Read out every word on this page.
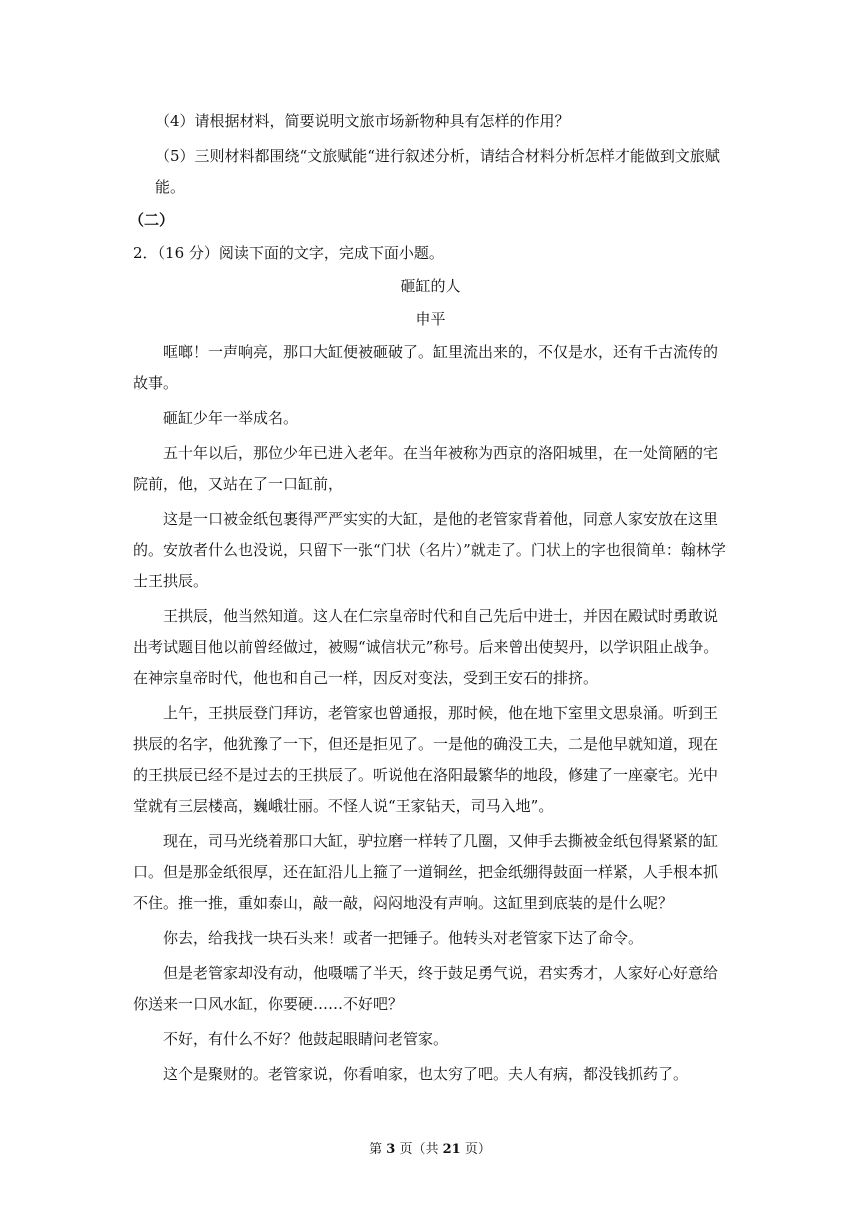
（4）请根据材料，简要说明文旅市场新物种具有怎样的作用？

（5）三则材料都围绕“文旅赋能“进行叙述分析，请结合材料分析怎样才能做到文旅赋能。

（二）

2．（16 分）阅读下面的文字，完成下面小题。

砸缸的人

申平

哐啷！一声响亮，那口大缸便被砸破了。缸里流出来的，不仅是水，还有千古流传的故事。

砸缸少年一举成名。

五十年以后，那位少年已进入老年。在当年被称为西京的洛阳城里，在一处简陋的宅院前，他，又站在了一口缸前，

这是一口被金纸包裹得严严实实的大缸，是他的老管家背着他，同意人家安放在这里的。安放者什么也没说，只留下一张“门状（名片）”就走了。门状上的字也很简单：翰林学士王拱辰。

王拱辰，他当然知道。这人在仁宗皇帝时代和自己先后中进士，并因在殿试时勇敢说出考试题目他以前曾经做过，被赐“诚信状元”称号。后来曾出使契丹，以学识阻止战争。在神宗皇帝时代，他也和自己一样，因反对变法，受到王安石的排挤。

上午，王拱辰登门拜访，老管家也曾通报，那时候，他在地下室里文思泉涌。听到王拱辰的名字，他犹豫了一下，但还是拒见了。一是他的确没工夫，二是他早就知道，现在的王拱辰已经不是过去的王拱辰了。听说他在洛阳最繁华的地段，修建了一座豪宅。光中堂就有三层楼高，巍峨壮丽。不怪人说“王家钻天，司马入地”。

现在，司马光绕着那口大缸，驴拉磨一样转了几圈，又伸手去撕被金纸包得紧紧的缸口。但是那金纸很厚，还在缸沿儿上箍了一道铜丝，把金纸绷得鼓面一样紧，人手根本抓不住。推一推，重如泰山，敲一敲，闷闷地没有声响。这缸里到底装的是什么呢？

你去，给我找一块石头来！或者一把锤子。他转头对老管家下达了命令。

但是老管家却没有动，他嗫嚅了半天，终于鼓足勇气说，君实秀才，人家好心好意给你送来一口风水缸，你要硬……不好吧？

不好，有什么不好？他鼓起眼睛问老管家。

这个是聚财的。老管家说，你看咱家，也太穷了吧。夫人有病，都没钱抓药了。

第 3 页（共 21 页）
